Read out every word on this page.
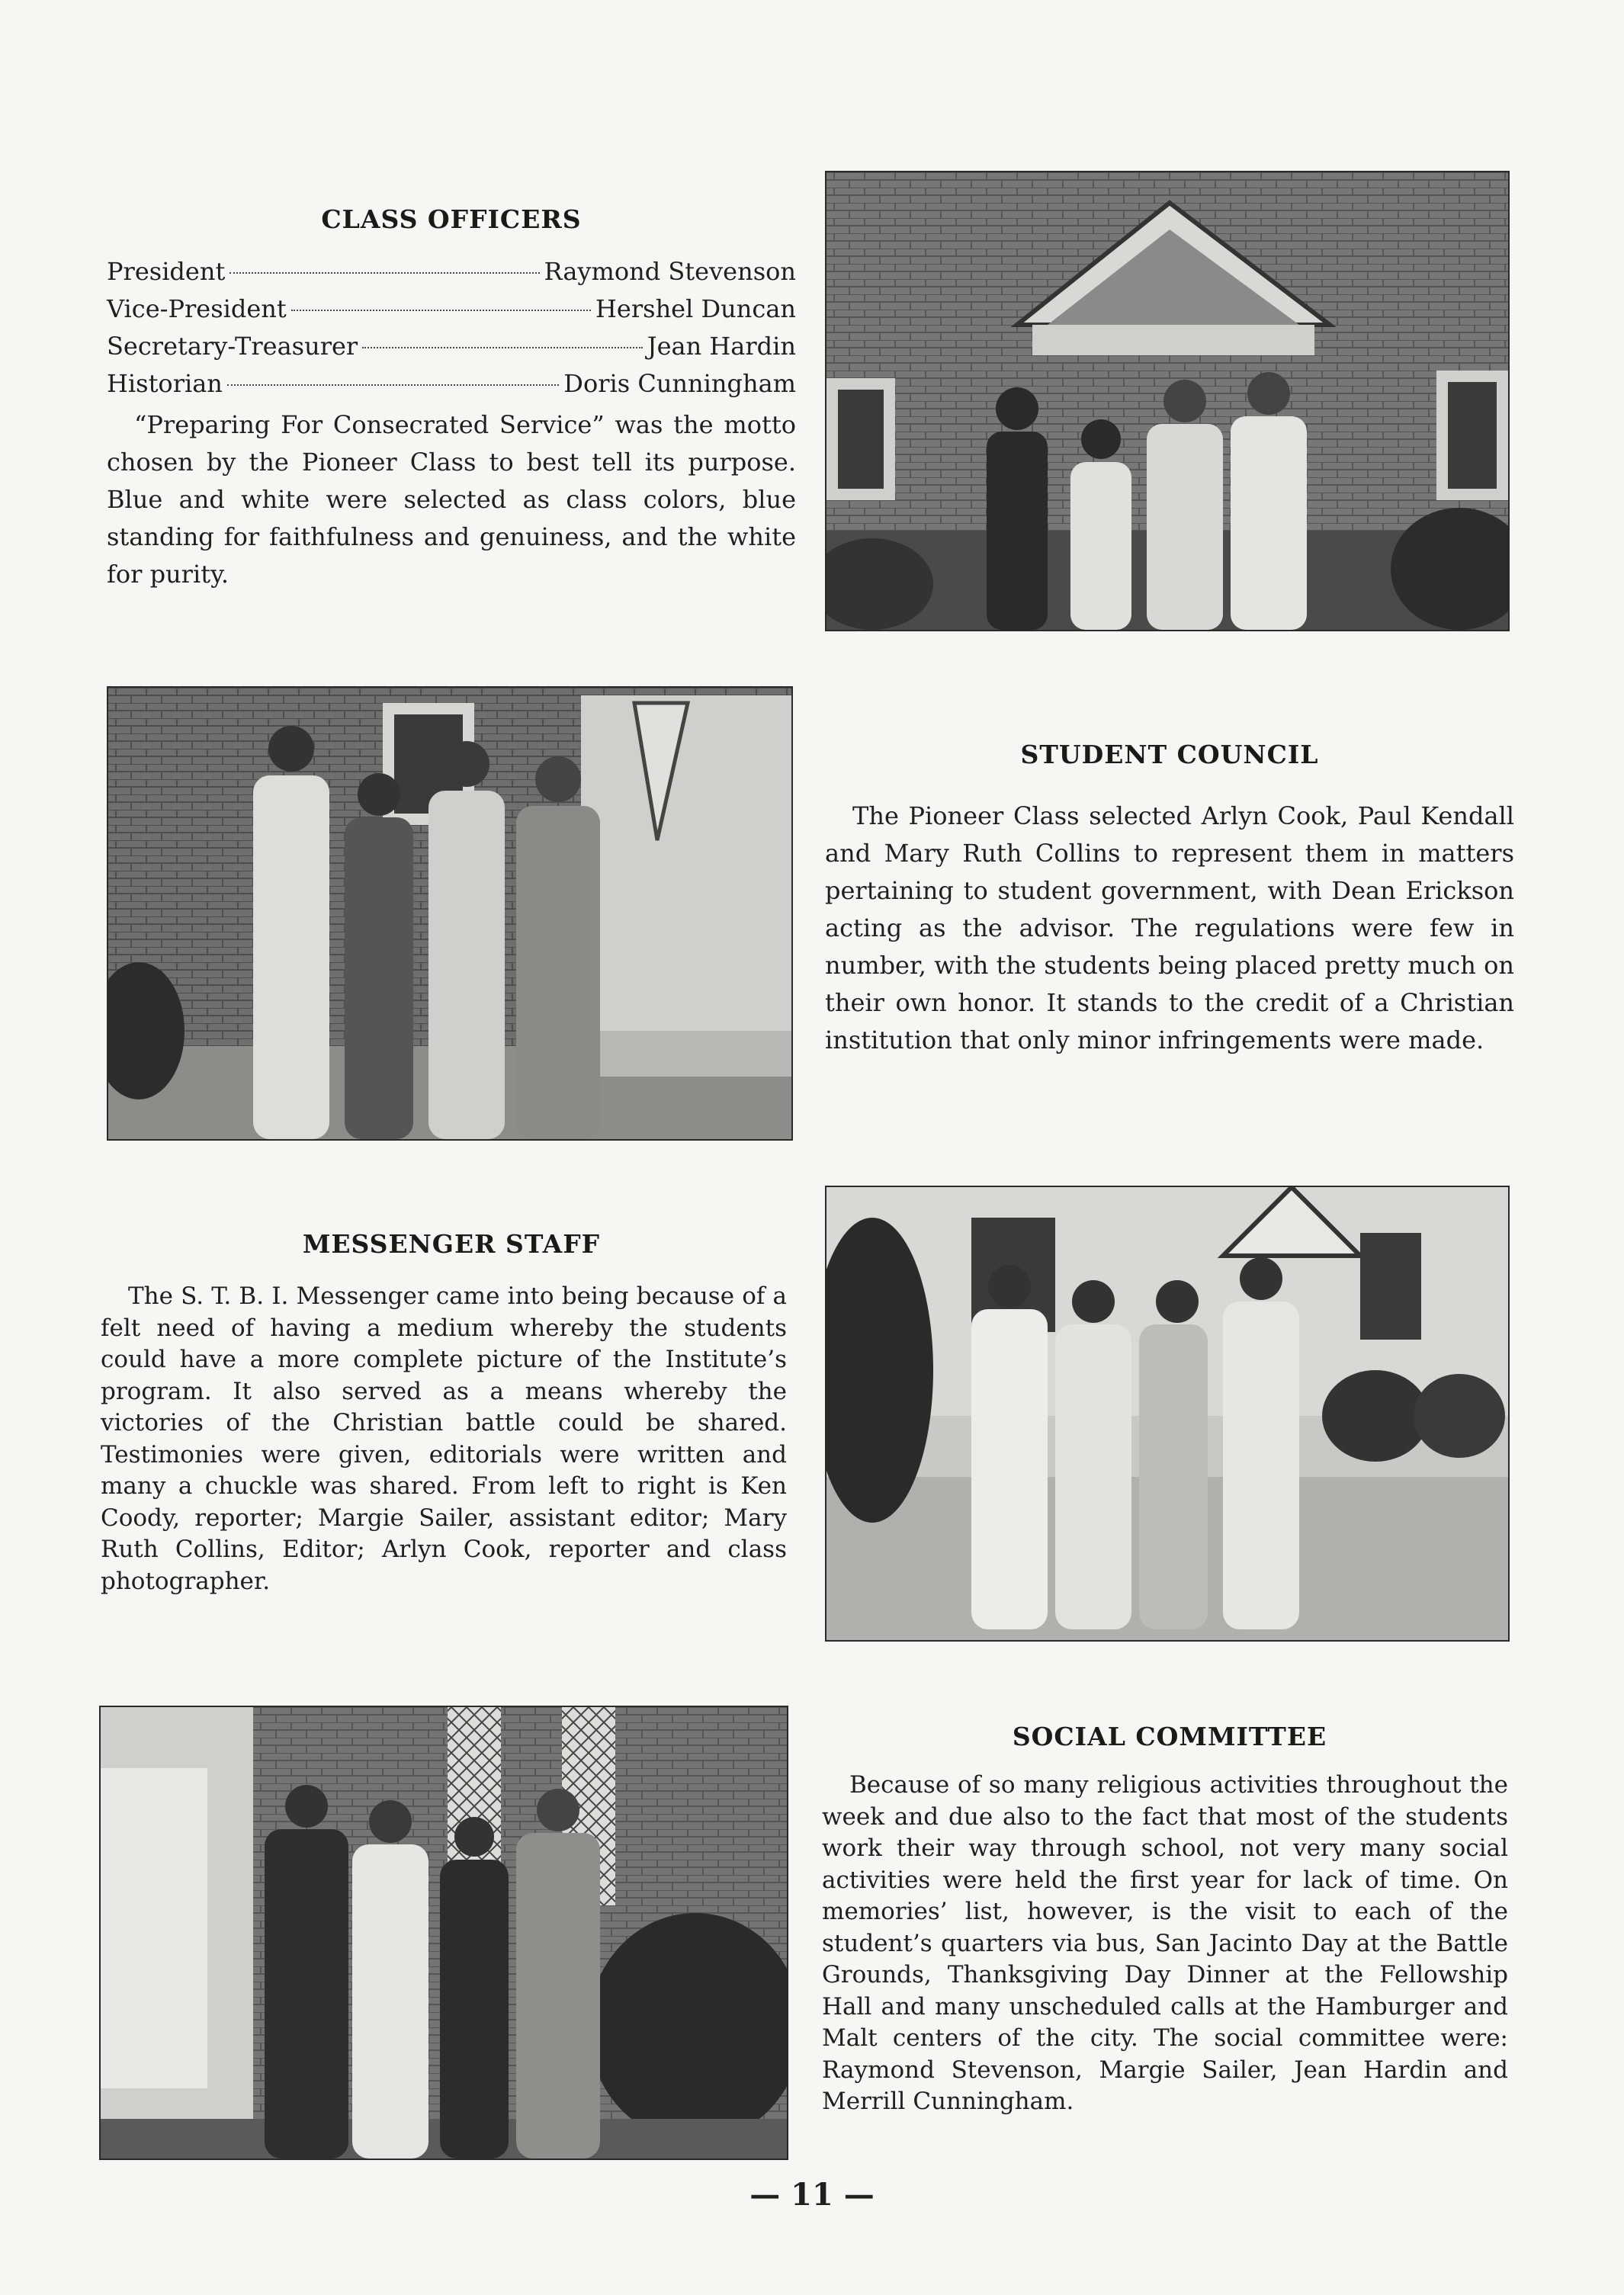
CLASS OFFICERS
President	Raymond Stevenson
Vice-President	Hershel Duncan
Secretary-Treasurer	Jean Hardin
Historian	Doris Cunningham

“Preparing For Consecrated Service” was the motto chosen by the Pioneer Class to best tell its purpose. Blue and white were selected as class colors, blue standing for faithfulness and genuiness, and the white for purity.

STUDENT COUNCIL

The Pioneer Class selected Arlyn Cook, Paul Kendall and Mary Ruth Collins to represent them in matters pertaining to student government, with Dean Erickson acting as the advisor. The regulations were few in number, with the students being placed pretty much on their own honor. It stands to the credit of a Christian institution that only minor infringements were made.

MESSENGER STAFF

The S. T. B. I. Messenger came into being because of a felt need of having a medium whereby the students could have a more complete picture of the Institute’s program. It also served as a means whereby the victories of the Christian battle could be shared. Testimonies were given, editorials were written and many a chuckle was shared. From left to right is Ken Coody, reporter; Margie Sailer, assistant editor; Mary Ruth Collins, Editor; Arlyn Cook, reporter and class photographer.

SOCIAL COMMITTEE

Because of so many religious activities throughout the week and due also to the fact that most of the students work their way through school, not very many social activities were held the first year for lack of time. On memories’ list, however, is the visit to each of the student’s quarters via bus, San Jacinto Day at the Battle Grounds, Thanksgiving Day Dinner at the Fellowship Hall and many unscheduled calls at the Hamburger and Malt centers of the city. The social committee were: Raymond Stevenson, Margie Sailer, Jean Hardin and Merrill Cunningham.

— 11 —
